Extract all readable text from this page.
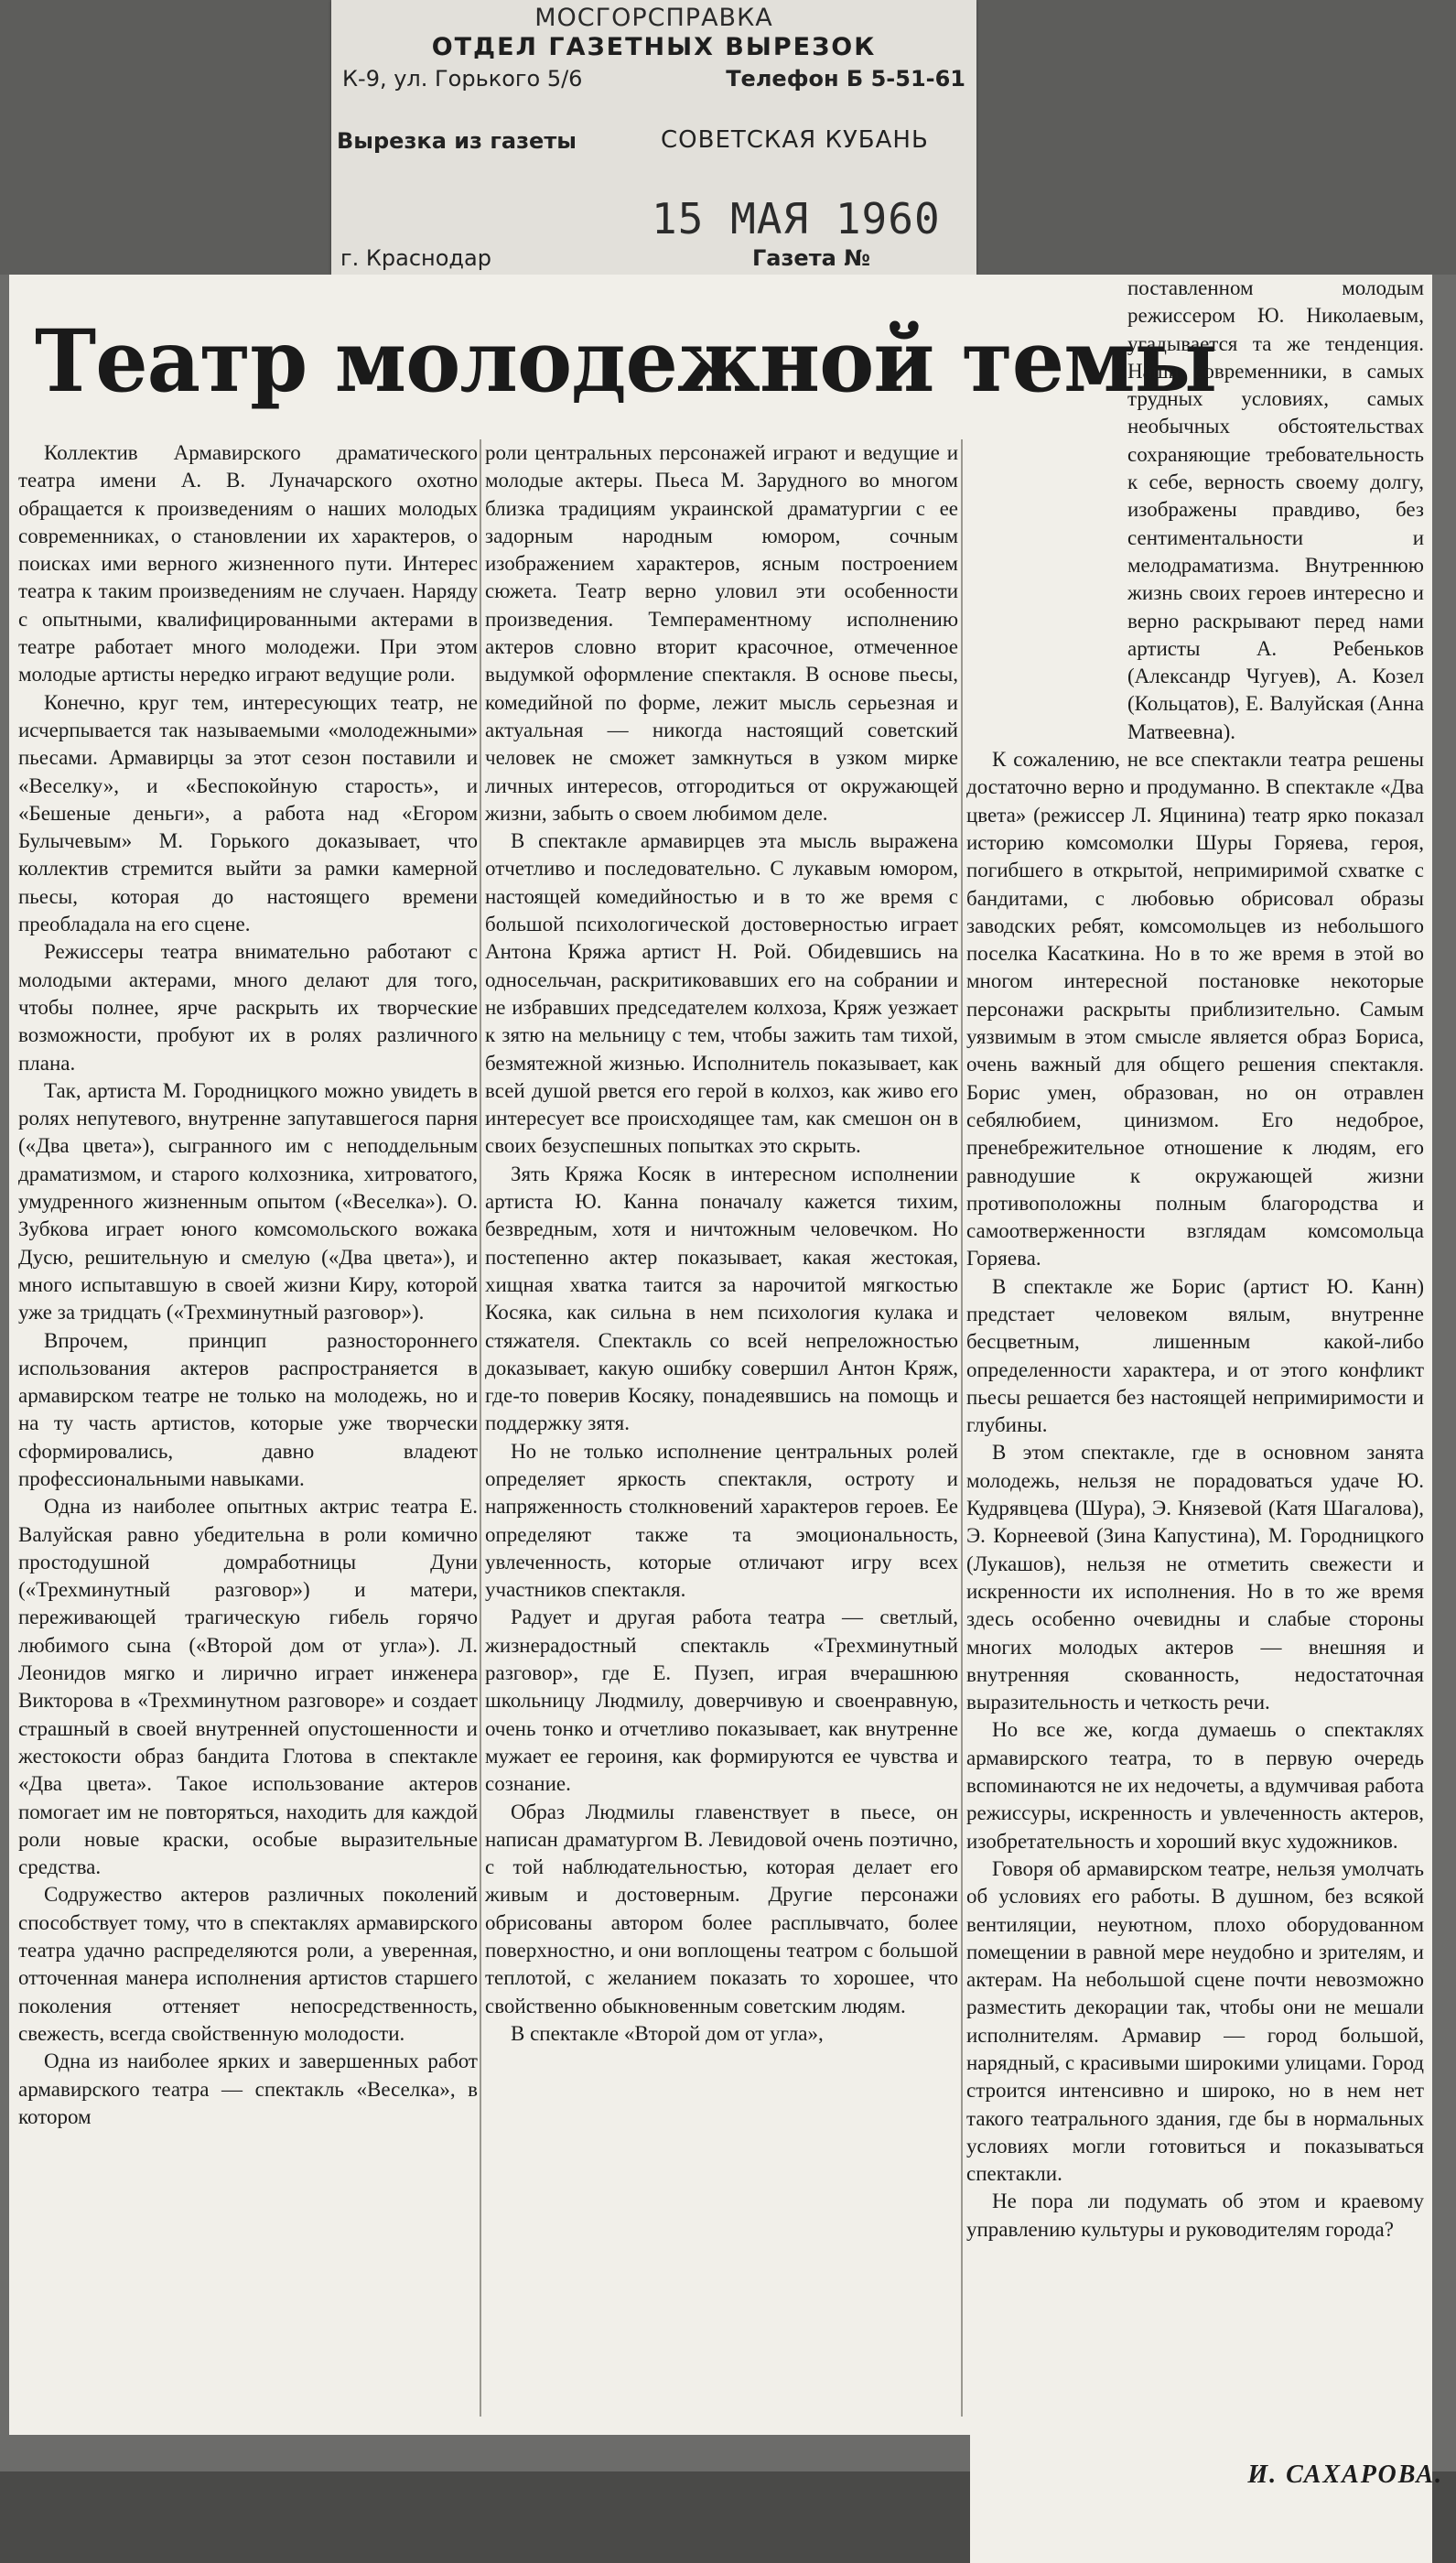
МОСГОРСПРАВКА
ОТДЕЛ ГАЗЕТНЫХ ВЫРЕЗОК
К-9, ул. Горького 5/6	Телефон Б 5-51-61
Вырезка из газеты	СОВЕТСКАЯ КУБАНЬ
15 МАЯ 1960
г. Краснодар	Газета №
Театр молодежной темы

Коллектив Армавирского драматического театра имени А. В. Луначарского охотно обращается к произведениям о наших молодых современниках, о становлении их характеров, о поисках ими верного жизненного пути. Интерес театра к таким произведениям не случаен. Наряду с опытными, квалифицированными актерами в театре работает много молодежи. При этом молодые артисты нередко играют ведущие роли.

Конечно, круг тем, интересующих театр, не исчерпывается так называемыми «молодежными» пьесами. Армавирцы за этот сезон поставили и «Веселку», и «Беспокойную старость», и «Бешеные деньги», а работа над «Егором Булычевым» М. Горького доказывает, что коллектив стремится выйти за рамки камерной пьесы, которая до настоящего времени преобладала на его сцене.

Режиссеры театра внимательно работают с молодыми актерами, много делают для того, чтобы полнее, ярче раскрыть их творческие возможности, пробуют их в ролях различного плана.

Так, артиста М. Городницкого можно увидеть в ролях непутевого, внутренне запутавшегося парня («Два цвета»), сыгранного им с неподдельным драматизмом, и старого колхозника, хитроватого, умудренного жизненным опытом («Веселка»). О. Зубкова играет юного комсомольского вожака Дусю, решительную и смелую («Два цвета»), и много испытавшую в своей жизни Киру, которой уже за тридцать («Трехминутный разговор»).

Впрочем, принцип разностороннего использования актеров распространяется в армавирском театре не только на молодежь, но и на ту часть артистов, которые уже творчески сформировались, давно владеют профессиональными навыками.

Одна из наиболее опытных актрис театра Е. Валуйская равно убедительна в роли комично простодушной домработницы Дуни («Трехминутный разговор») и матери, переживающей трагическую гибель горячо любимого сына («Второй дом от угла»). Л. Леонидов мягко и лирично играет инженера Викторова в «Трехминутном разговоре» и создает страшный в своей внутренней опустошенности и жестокости образ бандита Глотова в спектакле «Два цвета». Такое использование актеров помогает им не повторяться, находить для каждой роли новые краски, особые выразительные средства.

Содружество актеров различных поколений способствует тому, что в спектаклях армавирского театра удачно распределяются роли, а уверенная, отточенная манера исполнения артистов старшего поколения оттеняет непосредственность, свежесть, всегда свойственную молодости.

Одна из наиболее ярких и завершенных работ армавирского театра — спектакль «Веселка», в котором

роли центральных персонажей играют и ведущие и молодые актеры. Пьеса М. Зарудного во многом близка традициям украинской драматургии с ее задорным народным юмором, сочным изображением характеров, ясным построением сюжета. Театр верно уловил эти особенности произведения. Темпераментному исполнению актеров словно вторит красочное, отмеченное выдумкой оформление спектакля. В основе пьесы, комедийной по форме, лежит мысль серьезная и актуальная — никогда настоящий советский человек не сможет замкнуться в узком мирке личных интересов, отгородиться от окружающей жизни, забыть о своем любимом деле.

В спектакле армавирцев эта мысль выражена отчетливо и последовательно. С лукавым юмором, настоящей комедийностью и в то же время с большой психологической достоверностью играет Антона Кряжа артист Н. Рой. Обидевшись на односельчан, раскритиковавших его на собрании и не избравших председателем колхоза, Кряж уезжает к зятю на мельницу с тем, чтобы зажить там тихой, безмятежной жизнью. Исполнитель показывает, как всей душой рвется его герой в колхоз, как живо его интересует все происходящее там, как смешон он в своих безуспешных попытках это скрыть.

Зять Кряжа Косяк в интересном исполнении артиста Ю. Канна поначалу кажется тихим, безвредным, хотя и ничтожным человечком. Но постепенно актер показывает, какая жестокая, хищная хватка таится за нарочитой мягкостью Косяка, как сильна в нем психология кулака и стяжателя. Спектакль со всей непреложностью доказывает, какую ошибку совершил Антон Кряж, где-то поверив Косяку, понадеявшись на помощь и поддержку зятя.

Но не только исполнение центральных ролей определяет яркость спектакля, остроту и напряженность столкновений характеров героев. Ее определяют также та эмоциональность, увлеченность, которые отличают игру всех участников спектакля.

Радует и другая работа театра — светлый, жизнерадостный спектакль «Трехминутный разговор», где Е. Пузеп, играя вчерашнюю школьницу Людмилу, доверчивую и своенравную, очень тонко и отчетливо показывает, как внутренне мужает ее героиня, как формируются ее чувства и сознание.

Образ Людмилы главенствует в пьесе, он написан драматургом В. Левидовой очень поэтично, с той наблюдательностью, которая делает его живым и достоверным. Другие персонажи обрисованы автором более расплывчато, более поверхностно, и они воплощены театром с большой теплотой, с желанием показать то хорошее, что свойственно обыкновенным советским людям.

В спектакле «Второй дом от угла»,

поставленном молодым режиссером Ю. Николаевым, угадывается та же тенденция. Наши современники, в самых трудных условиях, самых необычных обстоятельствах сохраняющие требовательность к себе, верность своему долгу, изображены правдиво, без сентиментальности и мелодраматизма. Внутреннюю жизнь своих героев интересно и верно раскрывают перед нами артисты А. Ребеньков (Александр Чугуев), А. Козел (Кольцатов), Е. Валуйская (Анна Матвеевна).

К сожалению, не все спектакли театра решены достаточно верно и продуманно. В спектакле «Два цвета» (режиссер Л. Яцинина) театр ярко показал историю комсомолки Шуры Горяева, героя, погибшего в открытой, непримиримой схватке с бандитами, с любовью обрисовал образы заводских ребят, комсомольцев из небольшого поселка Касаткина. Но в то же время в этой во многом интересной постановке некоторые персонажи раскрыты приблизительно. Самым уязвимым в этом смысле является образ Бориса, очень важный для общего решения спектакля. Борис умен, образован, но он отравлен себялюбием, цинизмом. Его недоброе, пренебрежительное отношение к людям, его равнодушие к окружающей жизни противоположны полным благородства и самоотверженности взглядам комсомольца Горяева.

В спектакле же Борис (артист Ю. Канн) предстает человеком вялым, внутренне бесцветным, лишенным какой-либо определенности характера, и от этого конфликт пьесы решается без настоящей непримиримости и глубины.

В этом спектакле, где в основном занята молодежь, нельзя не порадоваться удаче Ю. Кудрявцева (Шура), Э. Князевой (Катя Шагалова), Э. Корнеевой (Зина Капустина), М. Городницкого (Лукашов), нельзя не отметить свежести и искренности их исполнения. Но в то же время здесь особенно очевидны и слабые стороны многих молодых актеров — внешняя и внутренняя скованность, недостаточная выразительность и четкость речи.

Но все же, когда думаешь о спектаклях армавирского театра, то в первую очередь вспоминаются не их недочеты, а вдумчивая работа режиссуры, искренность и увлеченность актеров, изобретательность и хороший вкус художников.

Говоря об армавирском театре, нельзя умолчать об условиях его работы. В душном, без всякой вентиляции, неуютном, плохо оборудованном помещении в равной мере неудобно и зрителям, и актерам. На небольшой сцене почти невозможно разместить декорации так, чтобы они не мешали исполнителям. Армавир — город большой, нарядный, с красивыми широкими улицами. Город строится интенсивно и широко, но в нем нет такого театрального здания, где бы в нормальных условиях могли готовиться и показываться спектакли.

Не пора ли подумать об этом и краевому управлению культуры и руководителям города?

И. САХАРОВА.
